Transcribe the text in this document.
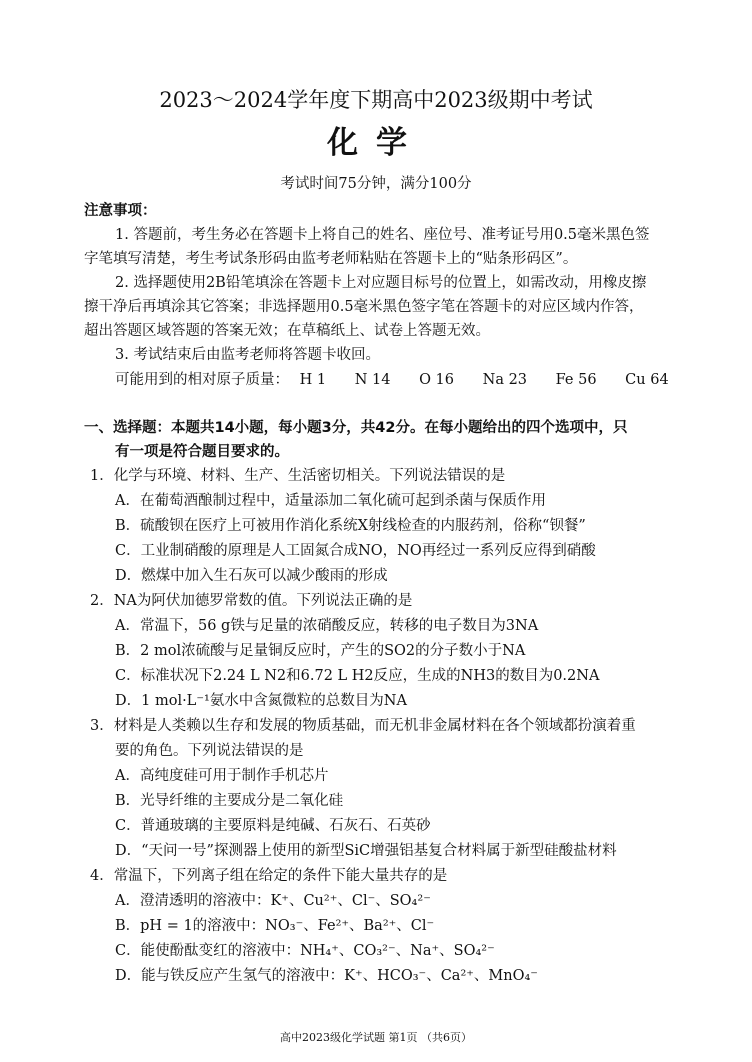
2023～2024学年度下期高中2023级期中考试
化学
考试时间75分钟，满分100分
注意事项：
1. 答题前，考生务必在答题卡上将自己的姓名、座位号、准考证号用0.5毫米黑色签
字笔填写清楚，考生考试条形码由监考老师粘贴在答题卡上的“贴条形码区”。
2. 选择题使用2B铅笔填涂在答题卡上对应题目标号的位置上，如需改动，用橡皮擦
擦干净后再填涂其它答案；非选择题用0.5毫米黑色签字笔在答题卡的对应区域内作答，
超出答题区域答题的答案无效；在草稿纸上、试卷上答题无效。
3. 考试结束后由监考老师将答题卡收回。
可能用到的相对原子质量： H 1 N 14 O 16 Na 23 Fe 56 Cu 64
一、选择题：本题共14小题，每小题3分，共42分。在每小题给出的四个选项中，只
有一项是符合题目要求的。
1．化学与环境、材料、生产、生活密切相关。下列说法错误的是
A．在葡萄酒酿制过程中，适量添加二氧化硫可起到杀菌与保质作用
B．硫酸钡在医疗上可被用作消化系统X射线检查的内服药剂，俗称“钡餐”
C．工业制硝酸的原理是人工固氮合成NO，NO再经过一系列反应得到硝酸
D．燃煤中加入生石灰可以减少酸雨的形成
2．NA为阿伏加德罗常数的值。下列说法正确的是
A．常温下，56 g铁与足量的浓硝酸反应，转移的电子数目为3NA
B．2 mol浓硫酸与足量铜反应时，产生的SO2的分子数小于NA
C．标准状况下2.24 L N2和6.72 L H2反应，生成的NH3的数目为0.2NA
D．1 mol·L⁻¹氨水中含氮微粒的总数目为NA
3．材料是人类赖以生存和发展的物质基础，而无机非金属材料在各个领域都扮演着重
要的角色。下列说法错误的是
A．高纯度硅可用于制作手机芯片
B．光导纤维的主要成分是二氧化硅
C．普通玻璃的主要原料是纯碱、石灰石、石英砂
D．“天问一号”探测器上使用的新型SiC增强铝基复合材料属于新型硅酸盐材料
4．常温下，下列离子组在给定的条件下能大量共存的是
A．澄清透明的溶液中：K⁺、Cu²⁺、Cl⁻、SO₄²⁻
B．pH = 1的溶液中：NO₃⁻、Fe²⁺、Ba²⁺、Cl⁻
C．能使酚酞变红的溶液中：NH₄⁺、CO₃²⁻、Na⁺、SO₄²⁻
D．能与铁反应产生氢气的溶液中：K⁺、HCO₃⁻、Ca²⁺、MnO₄⁻
高中2023级化学试题 第1页 （共6页）
